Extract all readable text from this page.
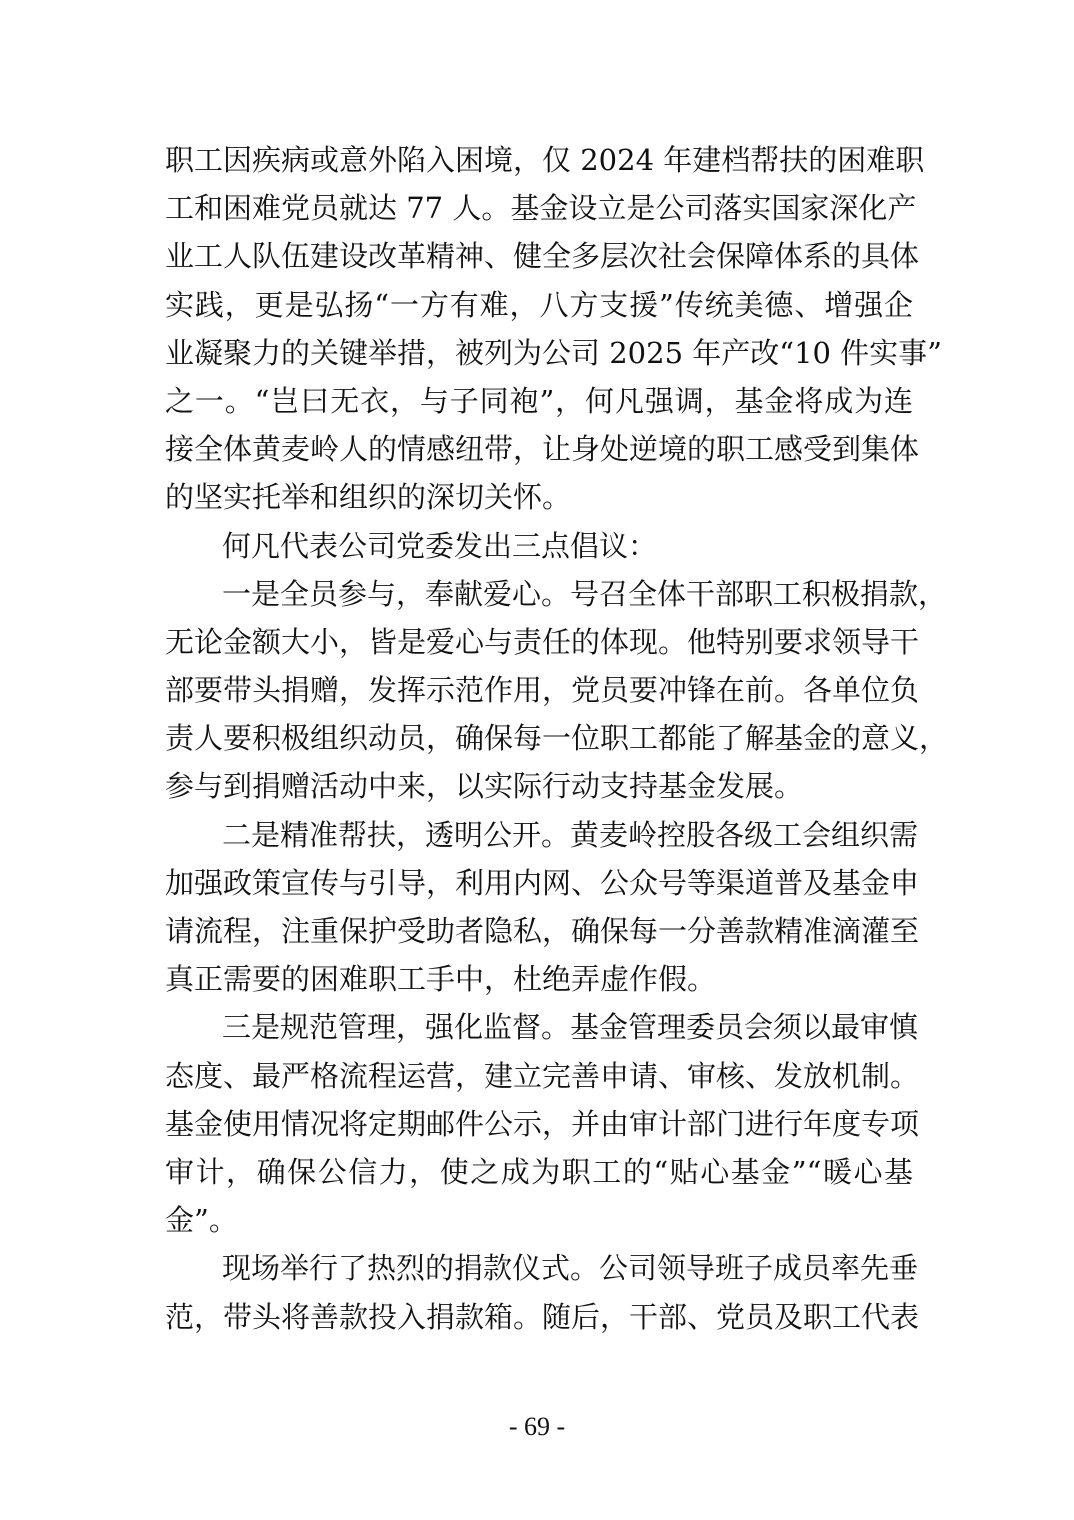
职工因疾病或意外陷入困境，仅 2024 年建档帮扶的困难职
工和困难党员就达 77 人。基金设立是公司落实国家深化产
业工人队伍建设改革精神、健全多层次社会保障体系的具体
实践，更是弘扬“一方有难，八方支援”传统美德、增强企
业凝聚力的关键举措，被列为公司 2025 年产改“10 件实事”
之一。“岂曰无衣，与子同袍”，何凡强调，基金将成为连
接全体黄麦岭人的情感纽带，让身处逆境的职工感受到集体
的坚实托举和组织的深切关怀。
何凡代表公司党委发出三点倡议：
一是全员参与，奉献爱心。号召全体干部职工积极捐款，
无论金额大小，皆是爱心与责任的体现。他特别要求领导干
部要带头捐赠，发挥示范作用，党员要冲锋在前。各单位负
责人要积极组织动员，确保每一位职工都能了解基金的意义，
参与到捐赠活动中来，以实际行动支持基金发展。
二是精准帮扶，透明公开。黄麦岭控股各级工会组织需
加强政策宣传与引导，利用内网、公众号等渠道普及基金申
请流程，注重保护受助者隐私，确保每一分善款精准滴灌至
真正需要的困难职工手中，杜绝弄虚作假。
三是规范管理，强化监督。基金管理委员会须以最审慎
态度、最严格流程运营，建立完善申请、审核、发放机制。
基金使用情况将定期邮件公示，并由审计部门进行年度专项
审计，确保公信力，使之成为职工的“贴心基金”“暖心基
金”。
现场举行了热烈的捐款仪式。公司领导班子成员率先垂
范，带头将善款投入捐款箱。随后，干部、党员及职工代表
- 69 -
